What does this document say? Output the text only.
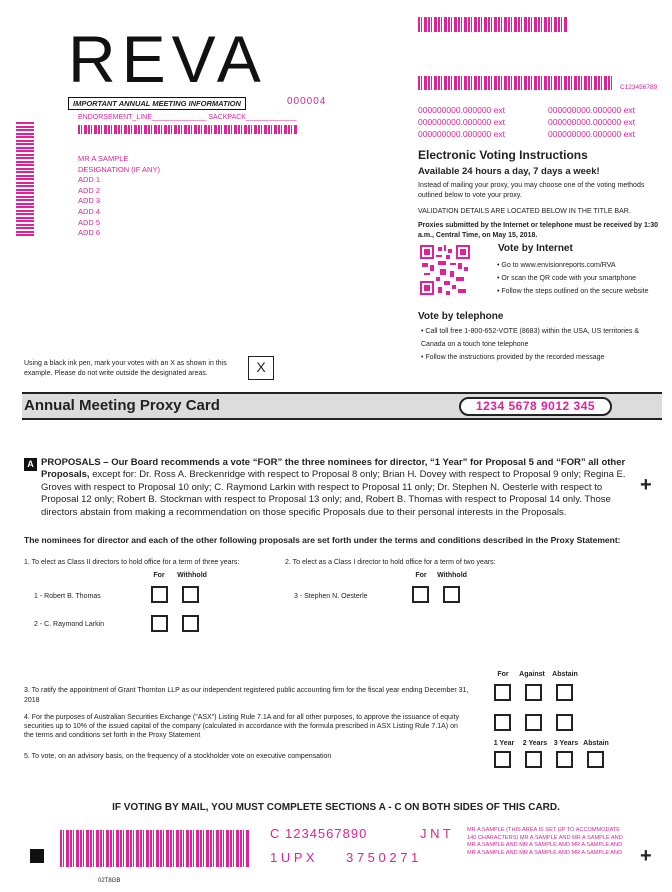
REVA
IMPORTANT ANNUAL MEETING INFORMATION	000004
ENDORSEMENT_LINE______________ SACKPACK_____________
MR A SAMPLE
DESIGNATION (IF ANY)
ADD 1
ADD 2
ADD 3
ADD 4
ADD 5
ADD 6
C123456789
000000000.000000 ext
000000000.000000 ext
000000000.000000 ext
000000000.000000 ext
000000000.000000 ext
000000000.000000 ext
Electronic Voting Instructions
Available 24 hours a day, 7 days a week!
Instead of mailing your proxy, you may choose one of the voting methods outlined below to vote your proxy.
VALIDATION DETAILS ARE LOCATED BELOW IN THE TITLE BAR.
Proxies submitted by the Internet or telephone must be received by 1:30 a.m., Central Time, on May 15, 2018.
Vote by Internet
• Go to www.envisionreports.com/RVA
• Or scan the QR code with your smartphone
• Follow the steps outlined on the secure website
Vote by telephone
• Call toll free 1-800-652-VOTE (8683) within the USA, US territories & Canada on a touch tone telephone
• Follow the instructions provided by the recorded message
Using a black ink pen, mark your votes with an X as shown in this example. Please do not write outside the designated areas.	X
Annual Meeting Proxy Card	1234 5678 9012 345
A PROPOSALS – Our Board recommends a vote “FOR” the three nominees for director, “1 Year” for Proposal 5 and “FOR” all other Proposals, except for: Dr. Ross A. Breckenridge with respect to Proposal 8 only; Brian H. Dovey with respect to Proposal 9 only; Regina E. Groves with respect to Proposal 10 only; C. Raymond Larkin with respect to Proposal 11 only; Dr. Stephen N. Oesterle with respect to Proposal 12 only; Robert B. Stockman with respect to Proposal 13 only; and, Robert B. Thomas with respect to Proposal 14 only. Those directors abstain from making a recommendation on those specific Proposals due to their personal interests in the Proposals.
+
The nominees for director and each of the other following proposals are set forth under the terms and conditions described in the Proxy Statement:
1. To elect as Class II directors to hold office for a term of three years:	2. To elect as a Class I director to hold office for a term of two years:
For	Withhold	For	Withhold
1 - Robert B. Thomas
2 - C. Raymond Larkin
3 - Stephen N. Oesterle
For	Against	Abstain
3. To ratify the appointment of Grant Thornton LLP as our independent registered public accounting firm for the fiscal year ending December 31, 2018
4. For the purposes of Australian Securities Exchange ("ASX") Listing Rule 7.1A and for all other purposes, to approve the issuance of equity securities up to 10% of the issued capital of the company (calculated in accordance with the formula prescribed in ASX Listing Rule 7.1A) on the terms and conditions set forth in the Proxy Statement
1 Year	2 Years 3 Years Abstain
5. To vote, on an advisory basis, on the frequency of a stockholder vote on executive compensation
IF VOTING BY MAIL, YOU MUST COMPLETE SECTIONS A - C ON BOTH SIDES OF THIS CARD.
02T8GB
C 1234567890	J N T
1 U P X 3 7 5 0 2 7 1
MR A SAMPLE (THIS AREA IS SET UP TO ACCOMMODATE 140 CHARACTERS) MR A SAMPLE AND MR A SAMPLE AND MR A SAMPLE AND MR A SAMPLE AND MR A SAMPLE AND MR A SAMPLE AND MR A SAMPLE AND MR A SAMPLE AND +
